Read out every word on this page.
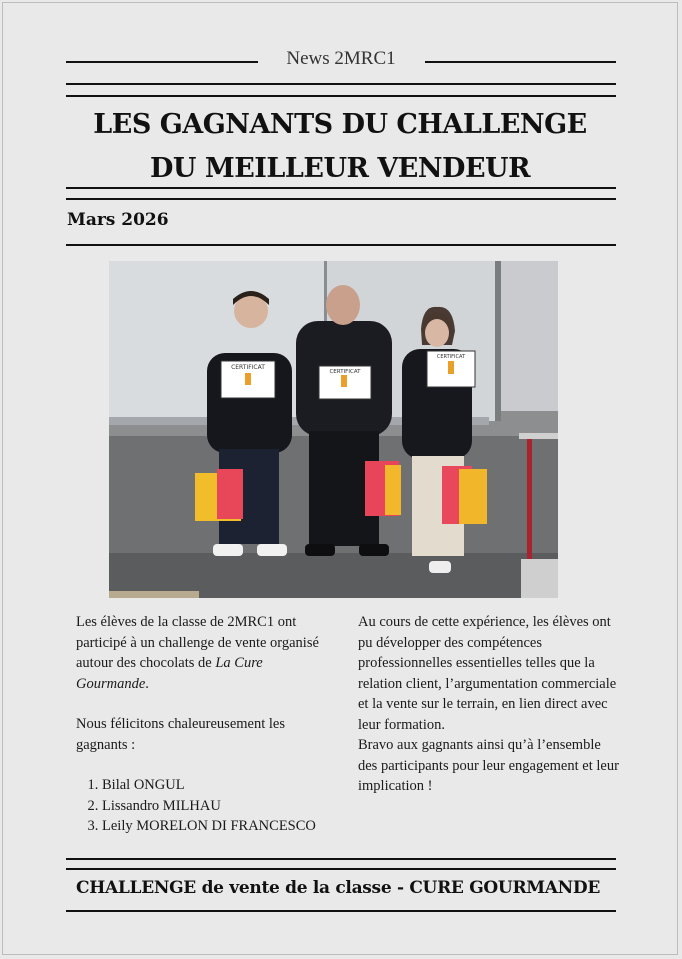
News 2MRC1
LES GAGNANTS DU CHALLENGE
DU MEILLEUR VENDEUR
Mars 2026
CERTIFICAT
CERTIFICAT
CERTIFICAT

Les élèves de la classe de 2MRC1 ont participé à un challenge de vente organisé autour des chocolats de La Cure Gourmande.

Nous félicitons chaleureusement les gagnants :

1. Bilal ONGUL
2. Lissandro MILHAU
3. Leily MORELON DI FRANCESCO

Au cours de cette expérience, les élèves ont pu développer des compétences professionnelles essentielles telles que la relation client, l’argumentation commerciale et la vente sur le terrain, en lien direct avec leur formation.

Bravo aux gagnants ainsi qu’à l’ensemble des participants pour leur engagement et leur implication !

CHALLENGE de vente de la classe - CURE GOURMANDE
